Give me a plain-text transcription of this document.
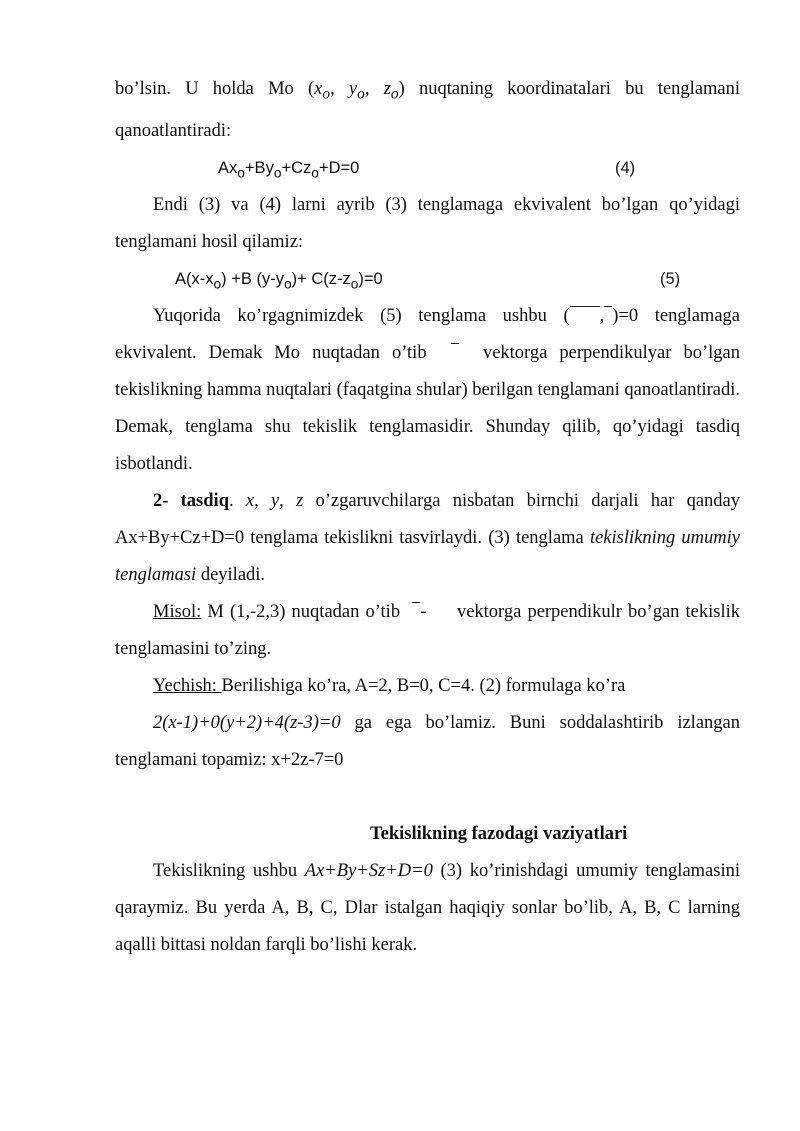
bo’lsin. U holda Mo ($x_o$, $y_o$, $z_o$) nuqtaning koordinatalari bu tenglamani qanoatlantiradi:

$Ax_o+By_o+Cz_o+D=0$	(4)

Endi (3) va (4) larni ayrib (3) tenglamaga ekvivalent bo’lgan qo’yidagi tenglamani hosil qilamiz:

$A(x-x_o) +B$ $(y-y_o)+ C(z-z_o)=0$	(5)

Yuqorida ko’rgagnimizdek (5) tenglama ushbu ( , )=0 tenglamaga ekvivalent. Demak Mo nuqtadan o’tib	vektorga perpendikulyar bo’lgan tekislikning hamma nuqtalari (faqatgina shular) berilgan tenglamani qanoatlantiradi. Demak, tenglama shu tekislik tenglamasidir. Shunday qilib, qo’yidagi tasdiq isbotlandi.

2- tasdiq. x, y, z o’zgaruvchilarga nisbatan birnchi darjali har qanday Ax+By+Cz+D=0 tenglama tekislikni tasvirlaydi. (3) tenglama tekislikning umumiy tenglamasi deyiladi.

Misol: M (1,-2,3) nuqtadan o’tib - vektorga perpendikulr bo’gan tekislik tenglamasini to’zing.

Yechish: Berilishiga ko’ra, A=2, B=0, C=4. (2) formulaga ko’ra

2(x-1)+0(y+2)+4(z-3)=0 ga ega bo’lamiz. Buni soddalashtirib izlangan tenglamani topamiz: x+2z-7=0

Tekislikning fazodagi vaziyatlari

Tekislikning ushbu Ax+By+Sz+D=0 (3) ko’rinishdagi umumiy tenglamasini qaraymiz. Bu yerda A, B, C, Dlar istalgan haqiqiy sonlar bo’lib, A, B, C larning aqalli bittasi noldan farqli bo’lishi kerak.
